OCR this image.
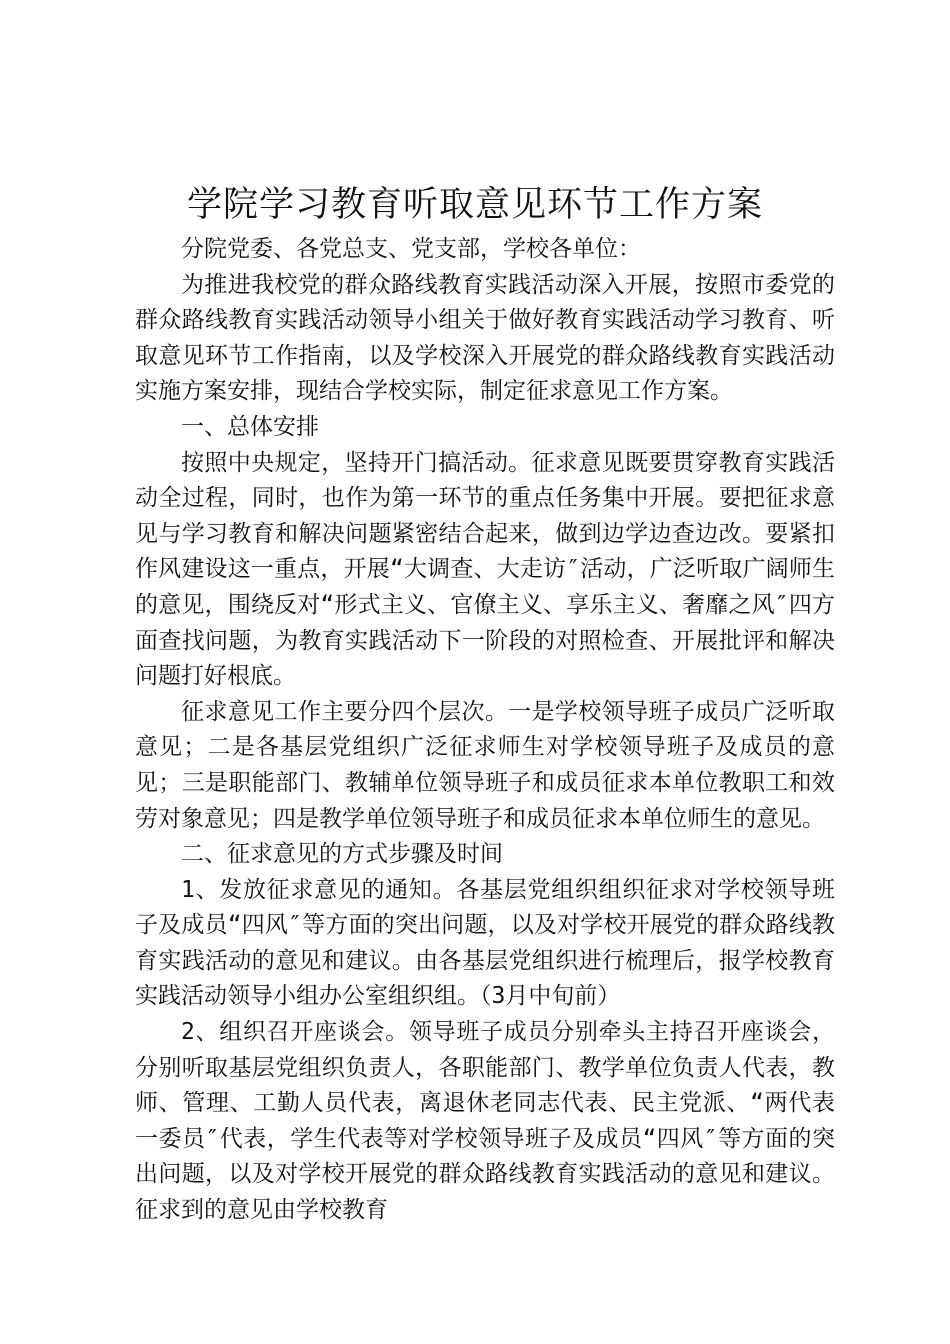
学院学习教育听取意见环节工作方案

分院党委、各党总支、党支部，学校各单位：

为推进我校党的群众路线教育实践活动深入开展，按照市委党的群众路线教育实践活动领导小组关于做好教育实践活动学习教育、听取意见环节工作指南，以及学校深入开展党的群众路线教育实践活动实施方案安排，现结合学校实际，制定征求意见工作方案。

一、总体安排

按照中央规定，坚持开门搞活动。征求意见既要贯穿教育实践活动全过程，同时，也作为第一环节的重点任务集中开展。要把征求意见与学习教育和解决问题紧密结合起来，做到边学边查边改。要紧扣作风建设这一重点，开展“大调查、大走访″活动，广泛听取广阔师生的意见，围绕反对“形式主义、官僚主义、享乐主义、奢靡之风″四方面查找问题，为教育实践活动下一阶段的对照检查、开展批评和解决问题打好根底。

征求意见工作主要分四个层次。一是学校领导班子成员广泛听取意见；二是各基层党组织广泛征求师生对学校领导班子及成员的意见；三是职能部门、教辅单位领导班子和成员征求本单位教职工和效劳对象意见；四是教学单位领导班子和成员征求本单位师生的意见。

二、征求意见的方式步骤及时间

1、发放征求意见的通知。各基层党组织组织征求对学校领导班子及成员“四风″等方面的突出问题，以及对学校开展党的群众路线教育实践活动的意见和建议。由各基层党组织进行梳理后，报学校教育实践活动领导小组办公室组织组。（3月中旬前）

2、组织召开座谈会。领导班子成员分别牵头主持召开座谈会，分别听取基层党组织负责人，各职能部门、教学单位负责人代表，教师、管理、工勤人员代表，离退休老同志代表、民主党派、“两代表一委员″代表，学生代表等对学校领导班子及成员“四风″等方面的突出问题，以及对学校开展党的群众路线教育实践活动的意见和建议。征求到的意见由学校教育
